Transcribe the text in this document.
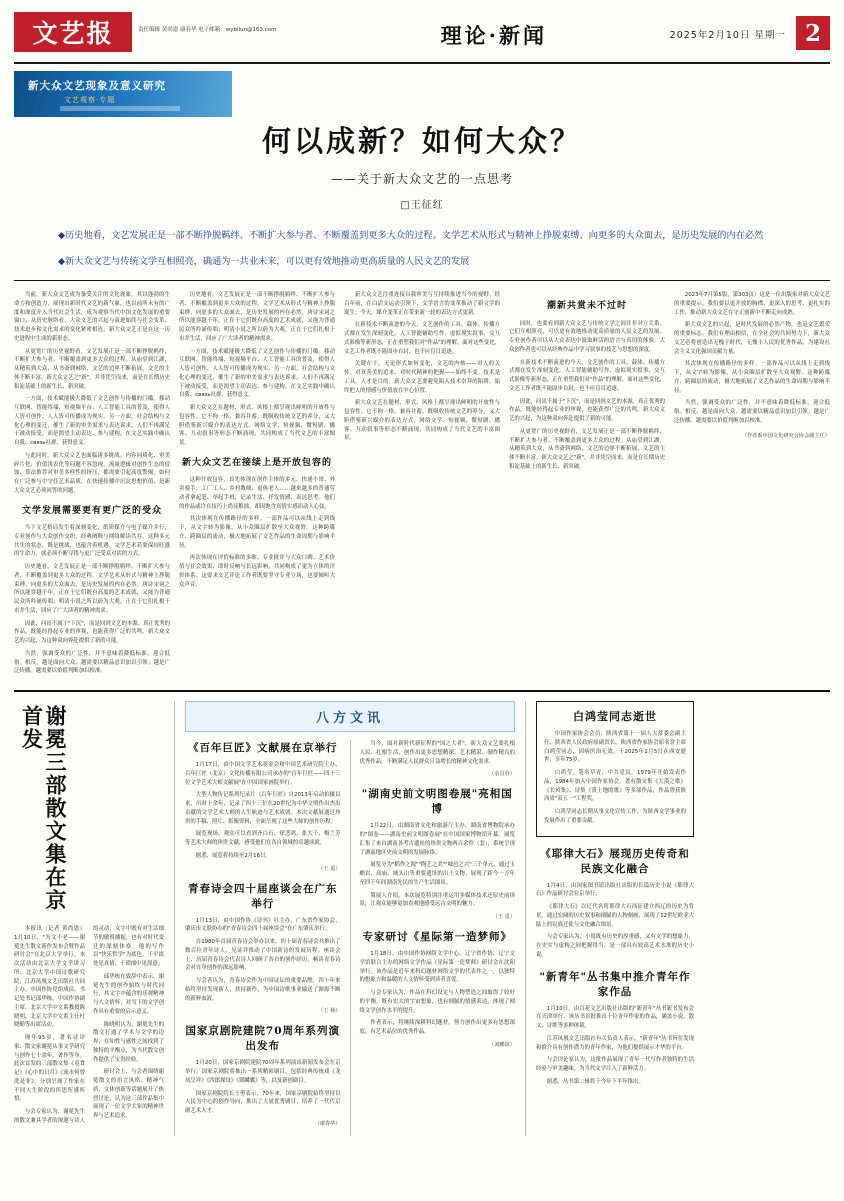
文艺报	责任编辑 黄尚恩 康春华 电子邮箱：wybllun@163.com	理论·新闻	2025年2月10日 星期一 2
新大众文艺现象及意义研究
文艺观察·专题
何以成新？如何大众？
——关于新大众文艺的一点思考
□王征红
◆历史地看，文艺发展正是一部不断挣脱羁绊、不断扩大参与者、不断覆盖到更多大众的过程。文学艺术从形式与精神上挣脱束缚、向更多的大众面去，是历史发展的内在必然
◆新大众文艺与传统文学互相照亮，确通为一共业未来，可以更有效地推动更高质量的人民文艺的发展

当前，新大众文艺成为备受关注的文化现象。其以蓬勃的生命力和创造力，展现出新时代文艺的新气象，也以前所未有的广度和深度介入当代社会生活，成为观察当代中国文化发展的重要窗口。从历史脉络看，大众文艺的兴起与演进始终与社会变革、技术进步和文化需求的变化紧密相连，新大众文艺正是在这一历史进程中生成的新形态。

从更宽广的历史视野看，文艺发展正是一部不断挣脱羁绊、不断扩大参与者、不断覆盖到更多大众的过程。从庙堂到江湖，从精英到大众，从书斋到网络，文艺的边界不断拓展，文艺的主体不断丰富。新大众文艺之"新"，并非凭空而来，而是在长期历史积淀基础上的新生长、新突破。

一方面，技术赋能极大降低了文艺创作与传播的门槛。移动互联网、智能终端、短视频平台、人工智能工具的普及，使得人人皆可创作、人人皆可传播成为现实。另一方面，社会结构与文化心理的变迁，催生了新的审美需求与表达诉求。人们不再满足于被动接受，而是渴望主动表达、参与建构，在文艺实践中确认自我、связь社群、获得意义。

与此同时，新大众文艺也面临诸多挑战。内容同质化、审美碎片化、价值浅表化等问题不容忽视。流量逻辑对创作生态的侵蚀、算法推荐对审美多样性的挤压，都需要引起高度警惕。如何在广泛参与中守住艺术品质，在快速传播中沉淀思想价值，是新大众文艺必须回答的问题。

文学发展需要更有更广泛的受众

当下文艺格局发生着深刻变化，纸质媒介与电子媒介并行，专业创作与大众创作交织，经典阐释与网络解读共存。这种多元共生的状态，既是挑战，也蕴含着机遇。文学艺术若要保持旺盛的生命力，就必须不断寻找与更广泛受众对话的方式。

历史地看，文艺发展正是一部不断挣脱羁绊、不断扩大参与者、不断覆盖到更多大众的过程。文学艺术从形式与精神上挣脱束缚、向更多的大众面去，是历史发展的内在必然。唐诗宋词之所以能穿越千年，正在于它们既有高度的艺术成就，又能为普通民众所吟诵传唱；明清小说之所以蔚为大观，正在于它们扎根于市井生活，回应了广大读者的精神需求。

因此，问出不属于"下沉"，而是回到文艺的本源。真正优秀的作品，既能经得起专业的审视，也能获得广泛的共鸣。新大众文艺的兴起，为这种双向奔赴提供了新的可能。

当然，强调受众的广泛性，并不意味着降低标准、迎合低俗。相反，越是面向大众，越需要以精品意识加以引领；越是广泛传播，越需要以价值判断加以校准。

历史地看，文艺发展正是一部不断挣脱羁绊、不断扩大参与者、不断覆盖到更多大众的过程。文学艺术从形式与精神上挣脱束缚、向更多的大众面去，是历史发展的内在必然。唐诗宋词之所以能穿越千年，正在于它们既有高度的艺术成就，又能为普通民众所吟诵传唱；明清小说之所以蔚为大观，正在于它们扎根于市井生活，回应了广大读者的精神需求。

一方面，技术赋能极大降低了文艺创作与传播的门槛。移动互联网、智能终端、短视频平台、人工智能工具的普及，使得人人皆可创作、人人皆可传播成为现实。另一方面，社会结构与文化心理的变迁，催生了新的审美需求与表达诉求。人们不再满足于被动接受，而是渴望主动表达、参与建构，在文艺实践中确认自我、связь社群、获得意义。

新大众文艺在题材、形式、风格上都呈现出鲜明的开放性与包容性。它不拘一格，兼容并蓄，既吸收传统文艺的养分，又大胆借鉴新兴媒介的表达方式。网络文学、短视频、微短剧、播客、互动叙事等形态不断涌现，共同构成了当代文艺的丰富图景。

新大众文艺在接续上是开放包容的

这种开放包容，首先体现在创作主体的多元。快递小哥、外卖骑手、工厂工人、乡村教师、退休老人……越来越多的普通劳动者拿起笔、举起手机，记录生活、抒发情感、表达思考。他们的作品或许在技巧上尚显稚拙，却因饱含真情实感而动人心弦。

其次体现在传播路径的多样。一部作品可以从线上走到线下，从文字转为影像，从小众圈层扩散至大众视野。这种跨媒介、跨圈层的流动，极大地拓展了文艺作品的生命周期与影响半径。

再次体现在评价标准的多维。专业批评与大众口碑、艺术价值与社会效果、即时反响与长远影响，共同构成了更为立体的评价体系。这要求文艺评论工作者既要坚守专业立场，也要倾听大众声音。

新大众文艺注重连接自我审美与互持续推进当今的视野。经百年前，在白话文运动引领下，文学语言的变革推动了新文学的诞生；今天，媒介变革正在带来新一轮的表达方式更新。

在新技术不断演进的今天，文艺创作的工具、载体、传播方式都在发生深刻变化。人工智能辅助写作、虚拟现实叙事、交互式影像等新形态，正在重塑我们对"作品"的理解。面对这些变化，文艺工作者既不能固步自封，也不应盲目追逐。

关键在于，无论形式如何变化，文艺的内核——对人的关怀、对真善美的追求、对时代精神的把握——始终不变。技术是工具，人才是目的。新大众文艺要避免陷入技术崇拜的陷阱，始终把人的情感与价值放在中心位置。

新大众文艺在题材、形式、风格上都呈现出鲜明的开放性与包容性。它不拘一格，兼容并蓄，既吸收传统文艺的养分，又大胆借鉴新兴媒介的表达方式。网络文学、短视频、微短剧、播客、互动叙事等形态不断涌现，共同构成了当代文艺的丰富图景。

潮新共赏未不过时

同时，也要看到新大众文艺与传统文学之间并非对立关系。它们互相照亮，可以更有效地推动更高质量的人民文艺的发展。专业创作者可以从大众表达中汲取鲜活的语言与真切的体验，大众创作者也可以从经典作品中学习叙事的技艺与思想的深度。

在新技术不断演进的今天，文艺创作的工具、载体、传播方式都在发生深刻变化。人工智能辅助写作、虚拟现实叙事、交互式影像等新形态，正在重塑我们对"作品"的理解。面对这些变化，文艺工作者既不能固步自封，也不应盲目追逐。

因此，问出不属于"下沉"，而是回到文艺的本源。真正优秀的作品，既能经得起专业的审视，也能获得广泛的共鸣。新大众文艺的兴起，为这种双向奔赴提供了新的可能。

从更宽广的历史视野看，文艺发展正是一部不断挣脱羁绊、不断扩大参与者、不断覆盖到更多大众的过程。从庙堂到江湖，从精英到大众，从书斋到网络，文艺的边界不断拓展，文艺的主体不断丰富。新大众文艺之"新"，并非凭空而来，而是在长期历史积淀基础上的新生长、新突破。

2023年7月第5版，第303页）这是一位出版家对新大众文艺的重要提示。我们要以更开放的胸襟、更深入的思考、更扎实的工作，推动新大众文艺在守正创新中不断走向成熟。

新大众文艺的兴起，是时代发展的必然产物，也是文艺繁荣的重要标志。我们有理由相信，在全社会的共同努力下，新大众文艺必将创造出无愧于时代、无愧于人民的优秀作品，为建设社会主义文化强国贡献力量。

其次体现在传播路径的多样。一部作品可以从线上走到线下，从文字转为影像，从小众圈层扩散至大众视野。这种跨媒介、跨圈层的流动，极大地拓展了文艺作品的生命周期与影响半径。

当然，强调受众的广泛性，并不意味着降低标准、迎合低俗。相反，越是面向大众，越需要以精品意识加以引领；越是广泛传播，越需要以价值判断加以校准。

（作者系中国文化研究会协会副主任）
谢冕三部散文集在京首发

本报讯（记者 黄尚恩） 1月10日，"为文不老——谢冕先生散文新作发布会暨作品研讨会"在北京大学举行。本次活动由北京大学文学讲习所、北京大学中国诗歌研究院、江苏凤凰文艺出版社共同主办。中国作协党组成员、书记处书记邱华栋，中国作协副主席、北京大学中文系教授陈晓明，北京大学中文系主任杜晓勤等出席活动。

现年93岁，著名诗评家、散文家谢冕从事文学研究与创作七十余年，著作等身。此次首发的三部散文集《觅食记》《心中的日月》《流水何曾洗是非》，分别呈现了作家在不同人生阶段的所思所感所悟。

与会专家认为，谢冕先生的散文兼具学者的深邃与诗人的灵动，文字中既有对生活细节的敏锐捕捉，也有对时代变迁的深刻体察。他的写作以"快乐哲学"为底色，于平淡处见真情，于琐细中见深意。

邱华栋在致辞中表示，谢冕先生的创作始终与时代同行，其文字中蕴含的乐观精神与人文情怀，对当下的文学创作具有重要的启示意义。

陈晓明认为，谢冕先生的散文打通了学术与文学的边界，在知性与感性之间找到了独特的平衡点，为当代散文创作提供了宝贵经验。

研讨会上，与会者围绕谢冕散文的语言风格、精神气质、文体创新等话题展开了热烈讨论，认为这三部作品集中展现了一位文学大家的精神世界与艺术追求。

八方文讯
《百年巨匠》文献展在京举行

1月17日，由中国文学艺术基金会和中国艺术研究院主办、百年巨匠（北京）文化传播有限公司承办的"百年巨匠——四十三位文学艺术大师文献展"在中国国家画院举行。

大型人物传记系列纪录片《百年巨匠》自2013年启动拍摄以来，历时十余年，记录了四十三位在20世纪为中华文明作出杰出贡献的文学艺术大师的人生轨迹与艺术成就。本次文献展通过珍贵的手稿、照片、影像资料，全面呈现了这些大师的创作历程。

展览现场，观众可以看到齐白石、徐悲鸿、张大千、梅兰芳等艺术大师的珍贵文献，感受他们在各自领域的卓越成就。

据悉，展览将持续至2月16日。

（王 觅）
青春诗会四十届座谈会在广东举行

1月13日，由中国作协《诗刊》社主办、广东省作家协会、肇庆市文联协办的"青春诗会四十届座谈会"在广东肇庆举行。

自1980年首届青春诗会举办以来，四十届青春诗会共推出了数百位青年诗人，见证并推动了中国新诗的发展历程。座谈会上，历届青春诗会代表诗人回顾了各自的创作经历，畅谈青春诗会对自身创作的深远影响。

与会者认为，青春诗会作为中国诗坛的重要品牌，四十年来始终坚持发现新人、扶持新作，为中国诗歌事业输送了源源不断的新鲜血液。

（王 杨）
国家京剧院建院70周年系列演出发布

1月20日，国家京剧院建院70周年系列演出新闻发布会在京举行。国家京剧院将推出一系列精彩剧目，包括经典传统戏《龙凤呈祥》《四郎探母》《锁麟囊》等，以及新创剧目。

国家京剧院院长王勇表示，70年来，国家京剧院始终坚持以人民为中心的创作导向，推出了大量优秀剧目，培养了一代代京剧艺术人才。

（康春华）

当今，面对新时代新征程的"国之大者"，新大众文艺要扎根人民、扎根生活，创作出更多思想精深、艺术精湛、制作精良的优秀作品，不断满足人民群众日益增长的精神文化需求。

（余昌谷）
"湖南史前文明图卷展"亮相国博

1月22日，由湖南省文化和旅游厅主办、湖南省博物院承办的"图卷——湖南史前文明图卷展"在中国国家博物馆开幕。展览汇集了来自湖南各考古遗址的珍贵文物两百余件（套），系统呈现了湖南地区史前文明的发展脉络。

展览分为"稻作之源""陶艺之美""城邑之兴"三个单元，通过玉蟾岩、高庙、城头山等重要遗址的出土文物，展现了距今一万年至四千年间湖南先民的生产生活图景。

策展人介绍，本次展览特别注重运用多媒体技术还原史前场景，让观众能够更加直观地感受远古文明的魅力。

（王 觅）
专家研讨《星际第一造梦师》

1月18日，由中国作协网络文学中心、辽宁省作协、辽宁文学馆联合主办的网络文学作品《星际第一造梦师》研讨会在沈阳举行。该作品是近年来科幻题材网络文学的代表作之一，以独特的想象力和温暖的人文情怀受到读者喜爱。

与会专家认为，作品在科幻设定与人物塑造之间取得了较好的平衡，既有宏大的宇宙想象，也有细腻的情感表达，体现了网络文学创作水平的提升。

作者表示，将继续深耕科幻题材，努力创作出更多有思想深度、有艺术品位的优秀作品。

（刘鹏波）
白鸿莹同志逝世

中国作家协会会员、陕西省第十一届人大常委会副主任、陕西省人民政府原副省长、陕西省作家协会原名誉主席白鸿莹同志，因病医治无效，于2025年1月5日在西安逝世，享年75岁。

白鸿莹，笔名草青，中共党员，1979年开始发表作品，1984年加入中国作家协会。著有散文集《大漠之歌》《长风集》、诗集《黄土地的歌》等多部作品，作品曾获陕西省"双五一"工程奖。

白鸿莹同志长期从事文化宣传工作，为陕西文学事业的发展作出了重要贡献。

《耶律大石》展现历史传奇和民族文化融合

1月4日，由国家图书馆出版社出版的长篇历史小说《耶律大石》作品研讨会在京举行。

《耶律大石》以辽代名将耶律大石西征建立西辽的历史为背景，通过宏阔的历史叙事和细腻的人物刻画，展现了12世纪欧亚大陆上的民族迁徙与文化融合图景。

与会专家认为，小说既有历史的厚重感，又有文学的想象力，在史实与虚构之间把握得当，是一部具有较高艺术水准的历史小说。

"新青年"丛书集中推介青年作家作品

1月10日，由百花文艺出版社出版的"新青年"丛书新书发布会在天津举行。该丛书首批推出十位青年作家的作品，涵盖小说、散文、诗歌等多种体裁。

江苏凤凰文艺出版社有关负责人表示，"新青年"丛书旨在发现和推介具有创作潜力的青年作家，为他们提供展示才华的平台。

与会评论家认为，这批作品展现了青年一代写作者独特的生活经验与审美趣味，为当代文学注入了新鲜活力。

据悉，丛书第二辑将于今年下半年推出。
